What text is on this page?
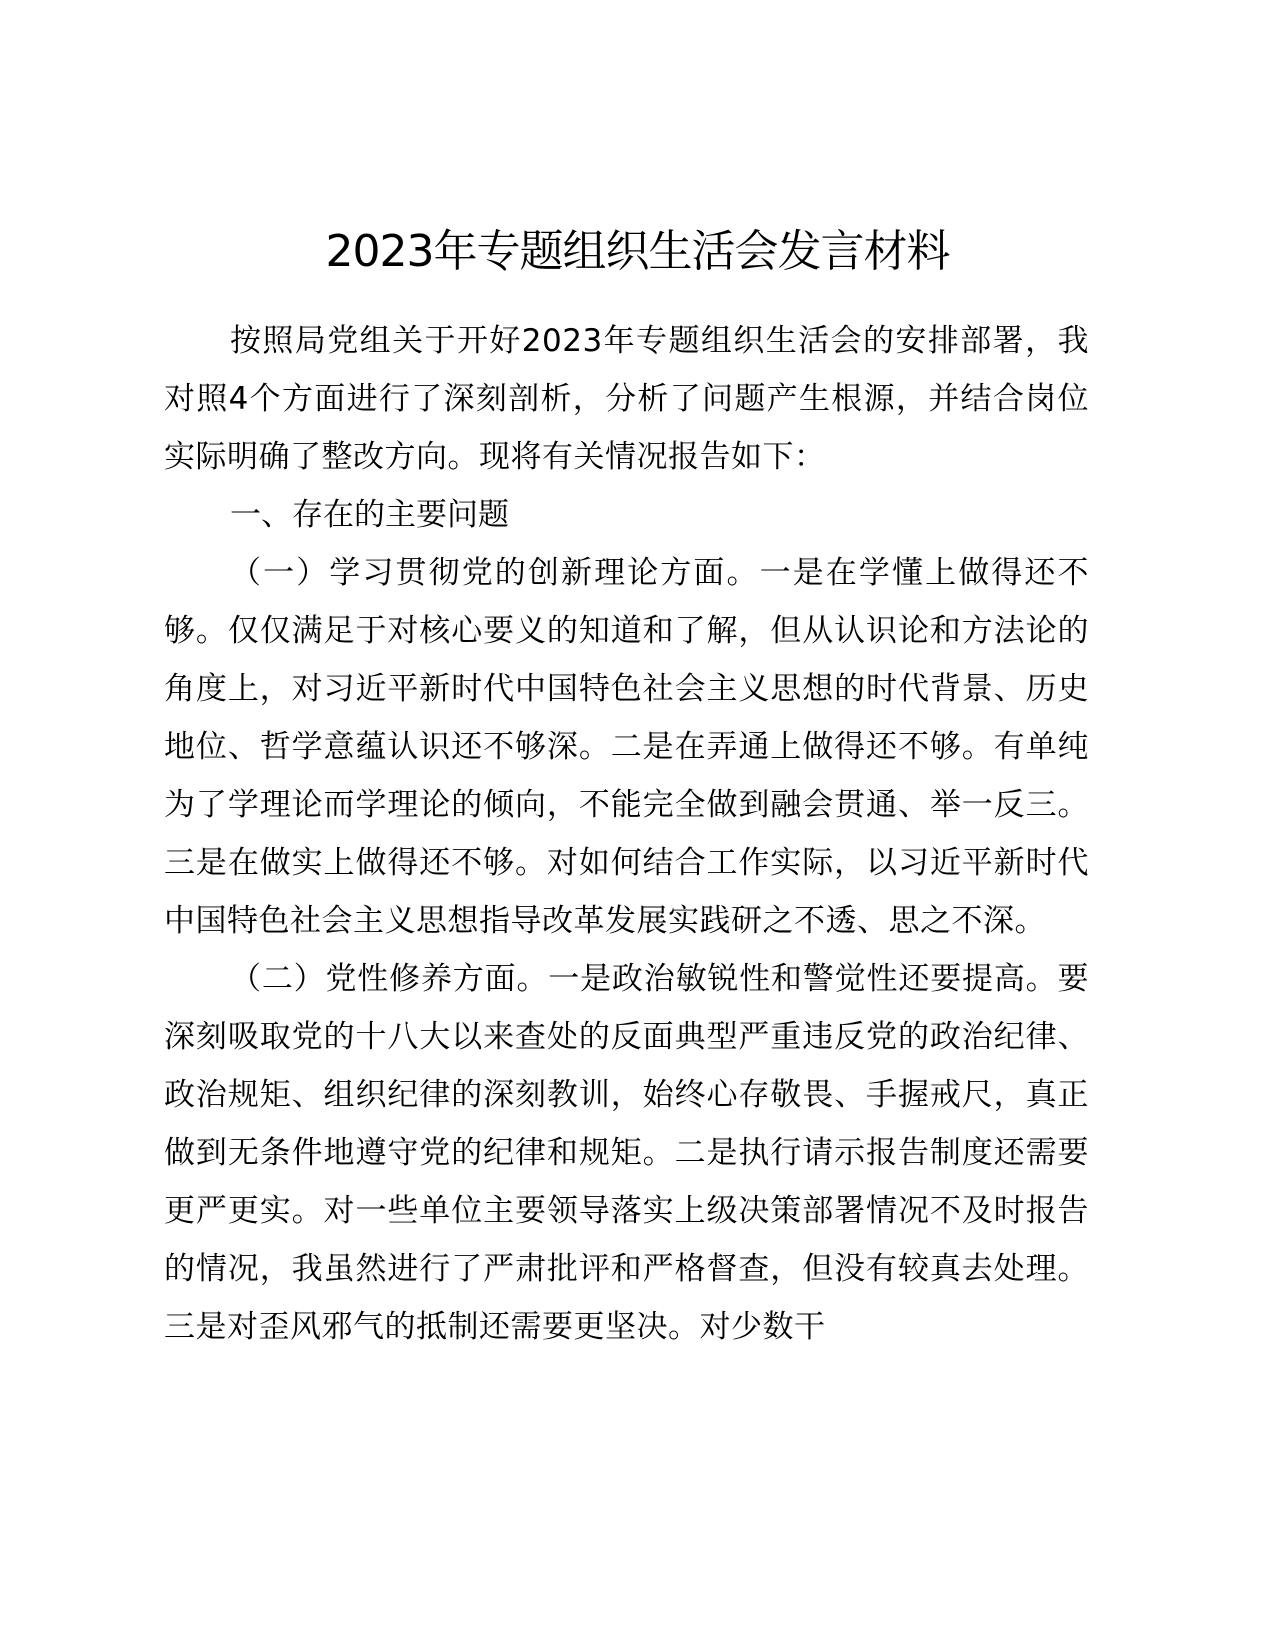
2023年专题组织生活会发言材料

按照局党组关于开好2023年专题组织生活会的安排部署，我对照4个方面进行了深刻剖析，分析了问题产生根源，并结合岗位实际明确了整改方向。现将有关情况报告如下：

一、存在的主要问题

（一）学习贯彻党的创新理论方面。一是在学懂上做得还不够。仅仅满足于对核心要义的知道和了解，但从认识论和方法论的角度上，对习近平新时代中国特色社会主义思想的时代背景、历史地位、哲学意蕴认识还不够深。二是在弄通上做得还不够。有单纯为了学理论而学理论的倾向，不能完全做到融会贯通、举一反三。三是在做实上做得还不够。对如何结合工作实际，以习近平新时代中国特色社会主义思想指导改革发展实践研之不透、思之不深。

（二）党性修养方面。一是政治敏锐性和警觉性还要提高。要深刻吸取党的十八大以来查处的反面典型严重违反党的政治纪律、政治规矩、组织纪律的深刻教训，始终心存敬畏、手握戒尺，真正做到无条件地遵守党的纪律和规矩。二是执行请示报告制度还需要更严更实。对一些单位主要领导落实上级决策部署情况不及时报告的情况，我虽然进行了严肃批评和严格督查，但没有较真去处理。三是对歪风邪气的抵制还需要更坚决。对少数干
